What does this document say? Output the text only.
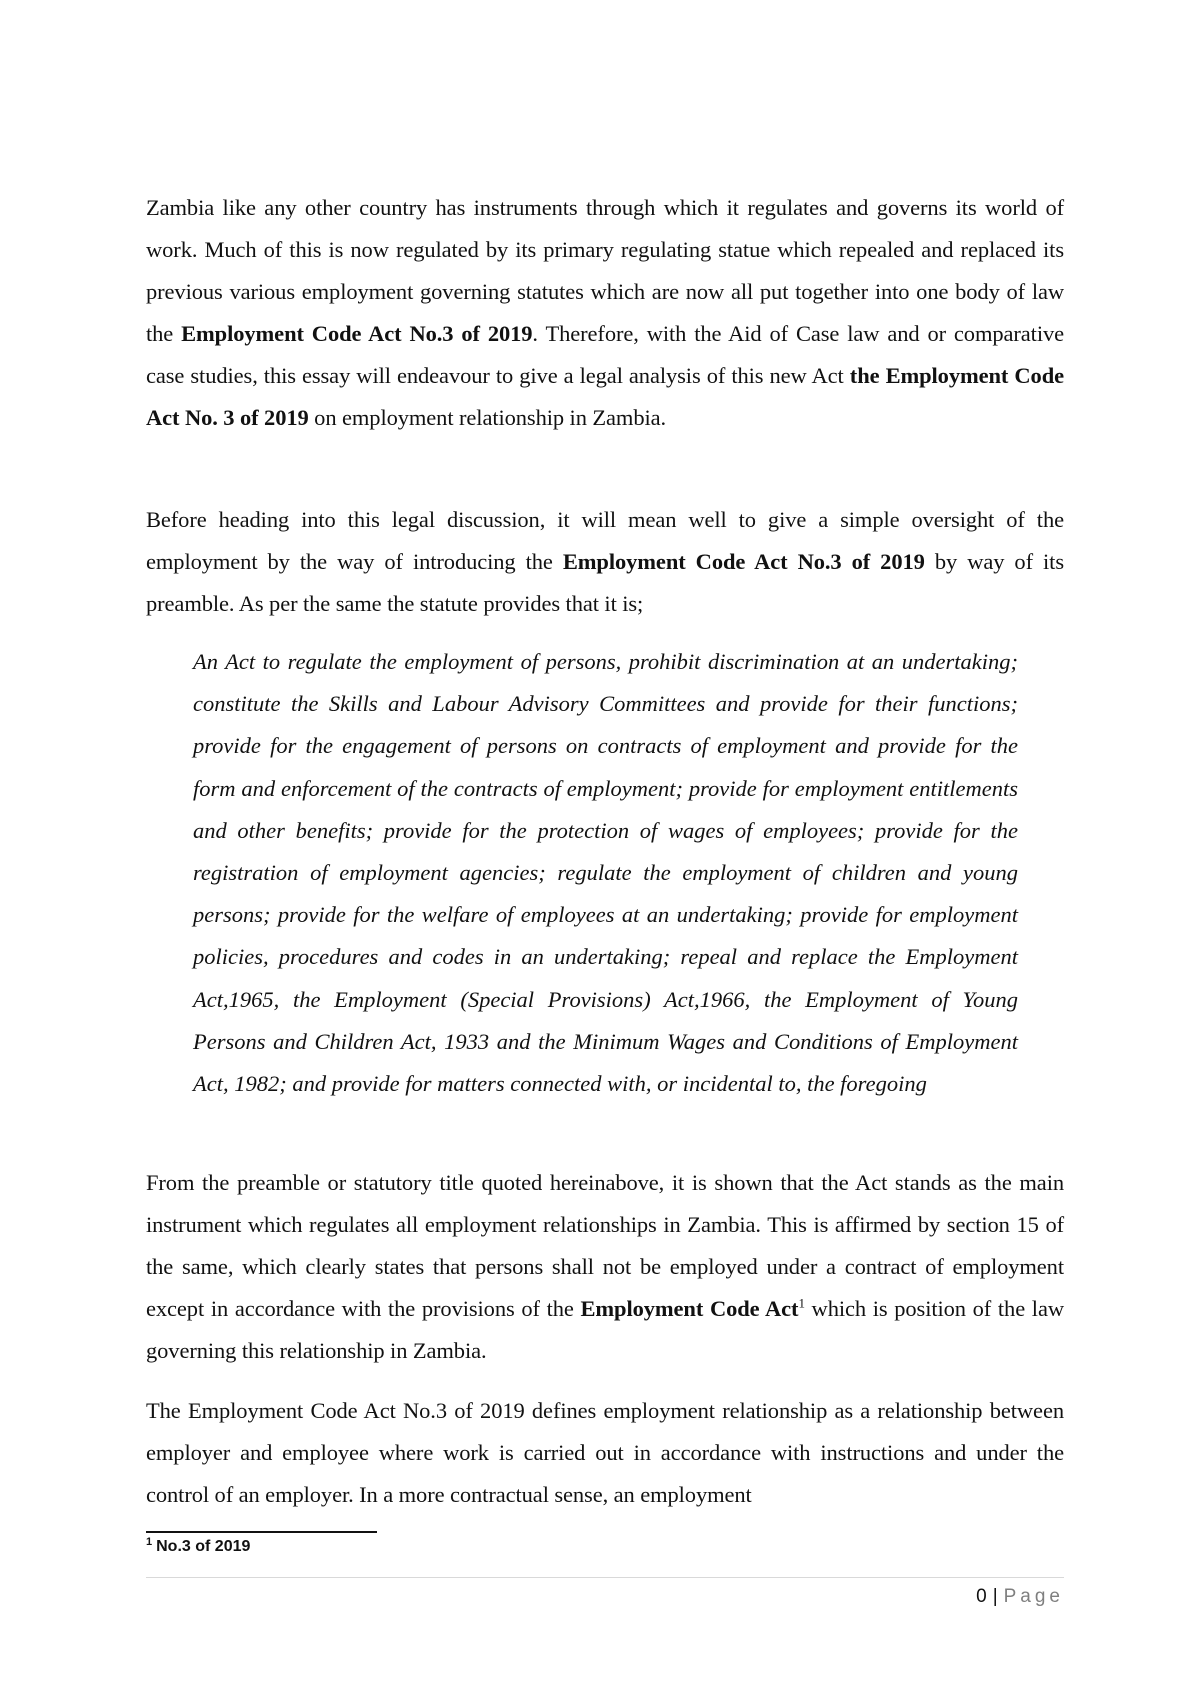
Zambia like any other country has instruments through which it regulates and governs its world of work. Much of this is now regulated by its primary regulating statue which repealed and replaced its previous various employment governing statutes which are now all put together into one body of law the Employment Code Act No.3 of 2019. Therefore, with the Aid of Case law and or comparative case studies, this essay will endeavour to give a legal analysis of this new Act the Employment Code Act No. 3 of 2019 on employment relationship in Zambia.

Before heading into this legal discussion, it will mean well to give a simple oversight of the employment by the way of introducing the Employment Code Act No.3 of 2019 by way of its preamble. As per the same the statute provides that it is;

An Act to regulate the employment of persons, prohibit discrimination at an undertaking; constitute the Skills and Labour Advisory Committees and provide for their functions; provide for the engagement of persons on contracts of employment and provide for the form and enforcement of the contracts of employment; provide for employment entitlements and other benefits; provide for the protection of wages of employees; provide for the registration of employment agencies; regulate the employment of children and young persons; provide for the welfare of employees at an undertaking; provide for employment policies, procedures and codes in an undertaking; repeal and replace the Employment Act,1965, the Employment (Special Provisions) Act,1966, the Employment of Young Persons and Children Act, 1933 and the Minimum Wages and Conditions of Employment Act, 1982; and provide for matters connected with, or incidental to, the foregoing

From the preamble or statutory title quoted hereinabove, it is shown that the Act stands as the main instrument which regulates all employment relationships in Zambia. This is affirmed by section 15 of the same, which clearly states that persons shall not be employed under a contract of employment except in accordance with the provisions of the Employment Code Act$^1$ which is position of the law governing this relationship in Zambia.

The Employment Code Act No.3 of 2019 defines employment relationship as a relationship between employer and employee where work is carried out in accordance with instructions and under the control of an employer. In a more contractual sense, an employment

$^1$ No.3 of 2019

0 | Page
